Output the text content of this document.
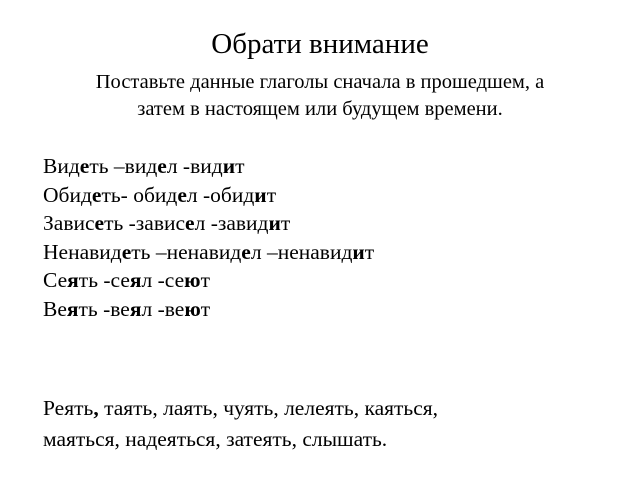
Обрати внимание
Поставьте данные глаголы сначала в прошедшем, а
затем в настоящем или будущем времени.
Видеть –видел -видит
Обидеть- обидел -обидит
Зависеть -зависел -завидит
Ненавидеть –ненавидел –ненавидит
Сеять -сеял -сеют
Веять -веял -веют
Реять, таять, лаять, чуять, лелеять, каяться,
маяться, надеяться, затеять, слышать.
